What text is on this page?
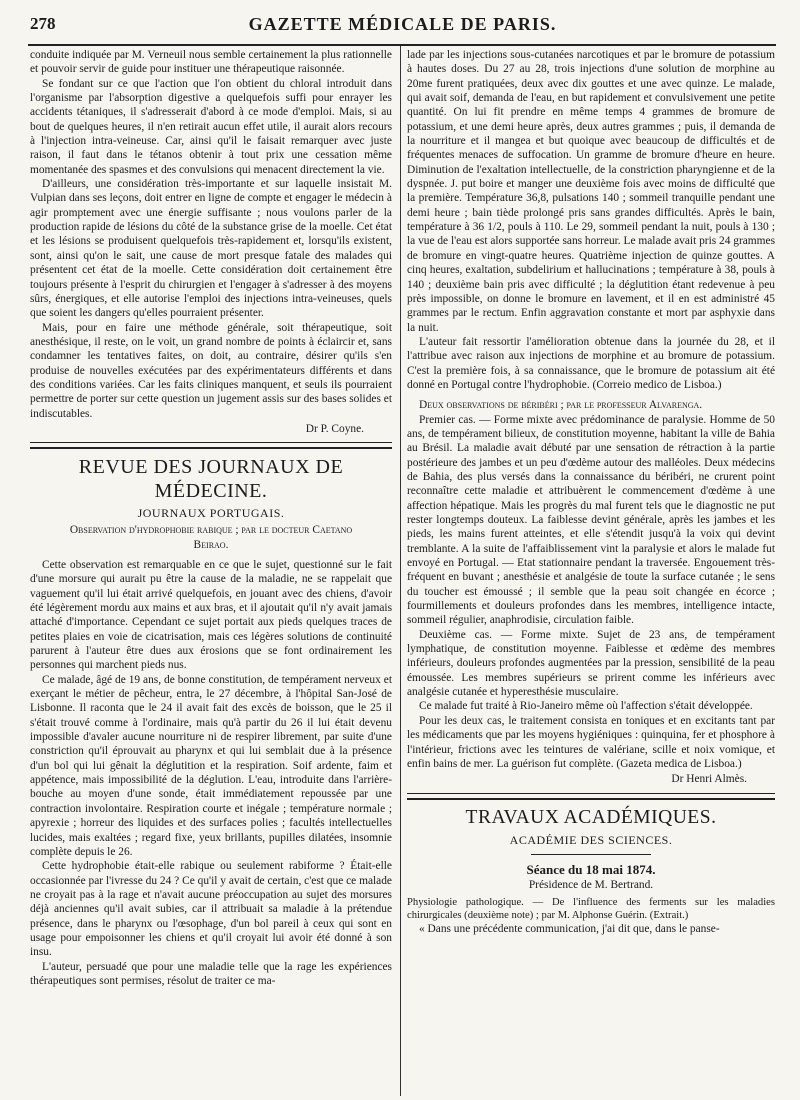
278	GAZETTE MÉDICALE DE PARIS.

conduite indiquée par M. Verneuil nous semble certainement la plus rationnelle et pouvoir servir de guide pour instituer une thérapeutique raisonnée.

Se fondant sur ce que l'action que l'on obtient du chloral introduit dans l'organisme par l'absorption digestive a quelquefois suffi pour enrayer les accidents tétaniques, il s'adresserait d'abord à ce mode d'emploi. Mais, si au bout de quelques heures, il n'en retirait aucun effet utile, il aurait alors recours à l'injection intra-veineuse. Car, ainsi qu'il le faisait remarquer avec juste raison, il faut dans le tétanos obtenir à tout prix une cessation même momentanée des spasmes et des convulsions qui menacent directement la vie.

D'ailleurs, une considération très-importante et sur laquelle insistait M. Vulpian dans ses leçons, doit entrer en ligne de compte et engager le médecin à agir promptement avec une énergie suffisante ; nous voulons parler de la production rapide de lésions du côté de la substance grise de la moelle. Cet état et les lésions se produisent quelquefois très-rapidement et, lorsqu'ils existent, sont, ainsi qu'on le sait, une cause de mort presque fatale des malades qui présentent cet état de la moelle. Cette considération doit certainement être toujours présente à l'esprit du chirurgien et l'engager à s'adresser à des moyens sûrs, énergiques, et elle autorise l'emploi des injections intra-veineuses, quels que soient les dangers qu'elles pourraient présenter.

Mais, pour en faire une méthode générale, soit thérapeutique, soit anesthésique, il reste, on le voit, un grand nombre de points à éclaircir et, sans condamner les tentatives faites, on doit, au contraire, désirer qu'ils s'en produise de nouvelles exécutées par des expérimentateurs différents et dans des conditions variées. Car les faits cliniques manquent, et seuls ils pourraient permettre de porter sur cette question un jugement assis sur des bases solides et indiscutables.

Dr P. Coyne.
REVUE DES JOURNAUX DE MÉDECINE.
JOURNAUX PORTUGAIS.
Observation d'hydrophobie rabique ; par le docteur Caetano
Beirao.

Cette observation est remarquable en ce que le sujet, questionné sur le fait d'une morsure qui aurait pu être la cause de la maladie, ne se rappelait que vaguement qu'il lui était arrivé quelquefois, en jouant avec des chiens, d'avoir été légèrement mordu aux mains et aux bras, et il ajoutait qu'il n'y avait jamais attaché d'importance. Cependant ce sujet portait aux pieds quelques traces de petites plaies en voie de cicatrisation, mais ces légères solutions de continuité parurent à l'auteur être dues aux érosions que se font ordinairement les personnes qui marchent pieds nus.

Ce malade, âgé de 19 ans, de bonne constitution, de tempérament nerveux et exerçant le métier de pêcheur, entra, le 27 décembre, à l'hôpital San-José de Lisbonne. Il raconta que le 24 il avait fait des excès de boisson, que le 25 il s'était trouvé comme à l'ordinaire, mais qu'à partir du 26 il lui était devenu impossible d'avaler aucune nourriture ni de respirer librement, par suite d'une constriction qu'il éprouvait au pharynx et qui lui semblait due à la présence d'un bol qui lui gênait la déglutition et la respiration. Soif ardente, faim et appétence, mais impossibilité de la déglution. L'eau, introduite dans l'arrière-bouche au moyen d'une sonde, était immédiatement repoussée par une contraction involontaire. Respiration courte et inégale ; température normale ; apyrexie ; horreur des liquides et des surfaces polies ; facultés intellectuelles lucides, mais exaltées ; regard fixe, yeux brillants, pupilles dilatées, insomnie complète depuis le 26.

Cette hydrophobie était-elle rabique ou seulement rabiforme ? Était-elle occasionnée par l'ivresse du 24 ? Ce qu'il y avait de certain, c'est que ce malade ne croyait pas à la rage et n'avait aucune préoccupation au sujet des morsures déjà anciennes qu'il avait subies, car il attribuait sa maladie à la prétendue présence, dans le pharynx ou l'œsophage, d'un bol pareil à ceux qui sont en usage pour empoisonner les chiens et qu'il croyait lui avoir été donné à son insu.

L'auteur, persuadé que pour une maladie telle que la rage les expériences thérapeutiques sont permises, résolut de traiter ce ma-

lade par les injections sous-cutanées narcotiques et par le bromure de potassium à hautes doses. Du 27 au 28, trois injections d'une solution de morphine au 20me furent pratiquées, deux avec dix gouttes et une avec quinze. Le malade, qui avait soif, demanda de l'eau, en but rapidement et convulsivement une petite quantité. On lui fit prendre en même temps 4 grammes de bromure de potassium, et une demi heure après, deux autres grammes ; puis, il demanda de la nourriture et il mangea et but quoique avec beaucoup de difficultés et de fréquentes menaces de suffocation. Un gramme de bromure d'heure en heure. Diminution de l'exaltation intellectuelle, de la constriction pharyngienne et de la dyspnée. J. put boire et manger une deuxième fois avec moins de difficulté que la première. Température 36,8, pulsations 140 ; sommeil tranquille pendant une demi heure ; bain tiède prolongé pris sans grandes difficultés. Après le bain, température à 36 1/2, pouls à 110. Le 29, sommeil pendant la nuit, pouls à 130 ; la vue de l'eau est alors supportée sans horreur. Le malade avait pris 24 grammes de bromure en vingt-quatre heures. Quatrième injection de quinze gouttes. A cinq heures, exaltation, subdelirium et hallucinations ; température à 38, pouls à 140 ; deuxième bain pris avec difficulté ; la déglutition étant redevenue à peu près impossible, on donne le bromure en lavement, et il en est administré 45 grammes par le rectum. Enfin aggravation constante et mort par asphyxie dans la nuit.

L'auteur fait ressortir l'amélioration obtenue dans la journée du 28, et il l'attribue avec raison aux injections de morphine et au bromure de potassium. C'est la première fois, à sa connaissance, que le bromure de potassium ait été donné en Portugal contre l'hydrophobie. (Correio medico de Lisboa.)

Deux observations de béribéri ; par le professeur Alvarenga.

Premier cas. — Forme mixte avec prédominance de paralysie. Homme de 50 ans, de tempérament bilieux, de constitution moyenne, habitant la ville de Bahia au Brésil. La maladie avait débuté par une sensation de rétraction à la partie postérieure des jambes et un peu d'œdème autour des malléoles. Deux médecins de Bahia, des plus versés dans la connaissance du béribéri, ne crurent point reconnaître cette maladie et attribuèrent le commencement d'œdème à une affection hépatique. Mais les progrès du mal furent tels que le diagnostic ne put rester longtemps douteux. La faiblesse devint générale, après les jambes et les pieds, les mains furent atteintes, et elle s'étendit jusqu'à la voix qui devint tremblante. A la suite de l'affaiblissement vint la paralysie et alors le malade fut envoyé en Portugal. — Etat stationnaire pendant la traversée. Engouement très-fréquent en buvant ; anesthésie et analgésie de toute la surface cutanée ; le sens du toucher est émoussé ; il semble que la peau soit changée en écorce ; fourmillements et douleurs profondes dans les membres, intelligence intacte, sommeil régulier, anaphrodisie, circulation faible.

Deuxième cas. — Forme mixte. Sujet de 23 ans, de tempérament lymphatique, de constitution moyenne. Faiblesse et œdème des membres inférieurs, douleurs profondes augmentées par la pression, sensibilité de la peau émoussée. Les membres supérieurs se prirent comme les inférieurs avec analgésie cutanée et hyperesthésie musculaire.

Ce malade fut traité à Rio-Janeiro même où l'affection s'était développée.

Pour les deux cas, le traitement consista en toniques et en excitants tant par les médicaments que par les moyens hygiéniques : quinquina, fer et phosphore à l'intérieur, frictions avec les teintures de valériane, scille et noix vomique, et enfin bains de mer. La guérison fut complète. (Gazeta medica de Lisboa.)

Dr Henri Almès.
TRAVAUX ACADÉMIQUES.
ACADÉMIE DES SCIENCES.
Séance du 18 mai 1874.
Présidence de M. Bertrand.

Physiologie pathologique. — De l'influence des ferments sur les maladies chirurgicales (deuxième note) ; par M. Alphonse Guérin. (Extrait.)

« Dans une précédente communication, j'ai dit que, dans le panse-
